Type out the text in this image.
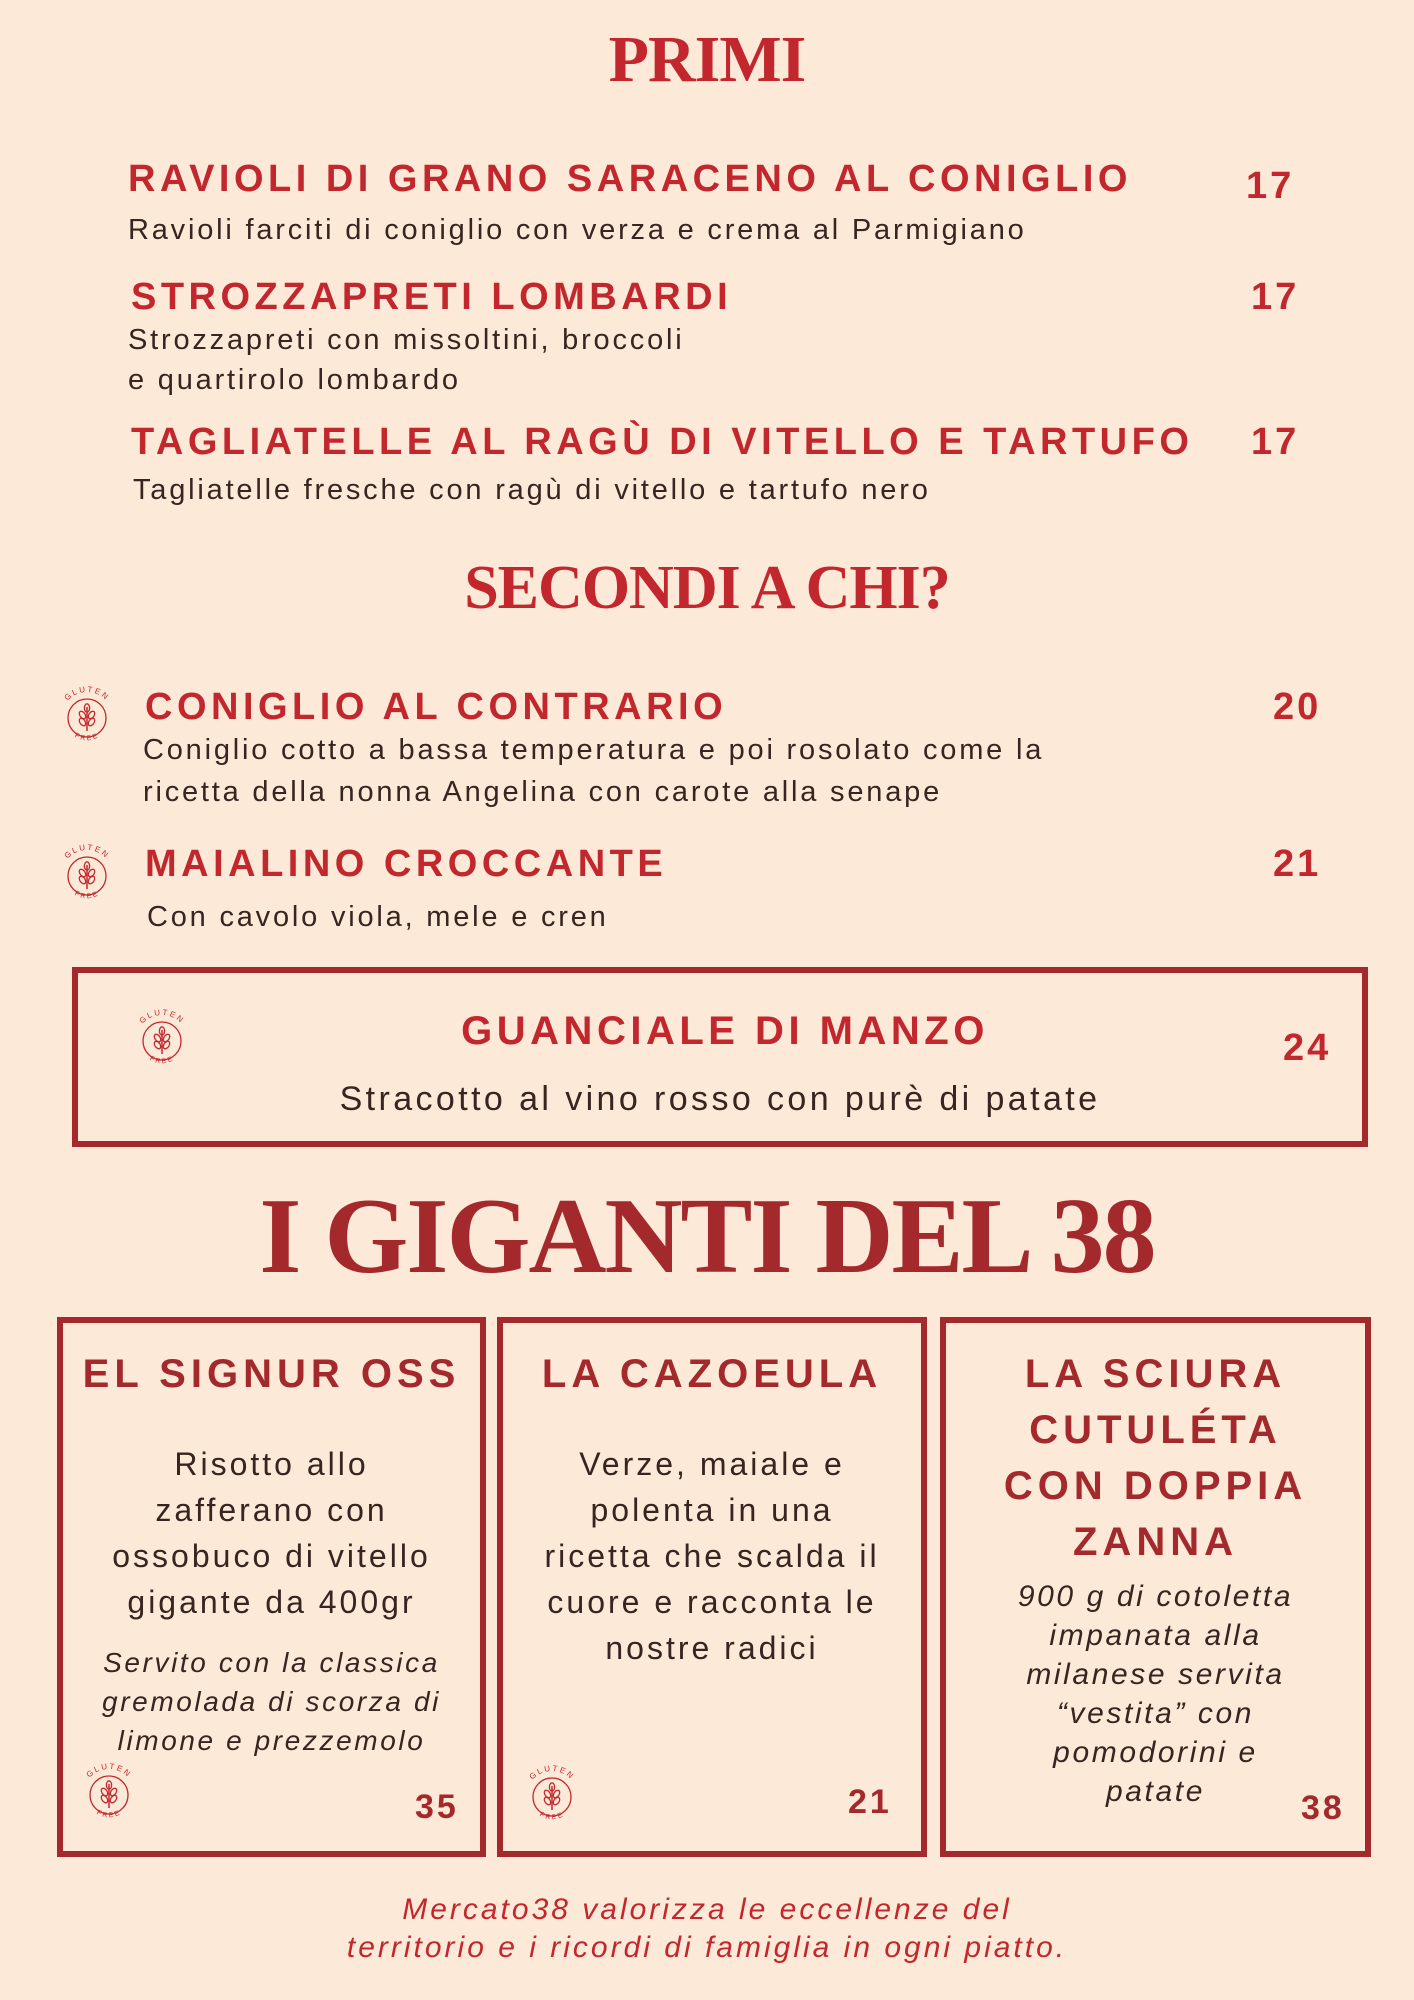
PRIMI
RAVIOLI DI GRANO SARACENO AL CONIGLIO	17
Ravioli farciti di coniglio con verza e crema al Parmigiano
STROZZAPRETI LOMBARDI	17
Strozzapreti con missoltini, broccoli
e quartirolo lombardo
TAGLIATELLE AL RAGÙ DI VITELLO E TARTUFO 17
Tagliatelle fresche con ragù di vitello e tartufo nero
SECONDI A CHI?
GLUTEN
FREE
CONIGLIO AL CONTRARIO	20
Coniglio cotto a bassa temperatura e poi rosolato come la
ricetta della nonna Angelina con carote alla senape
GLUTEN
FREE
MAIALINO CROCCANTE	21
Con cavolo viola, mele e cren
GLUTEN
FREE
GUANCIALE DI MANZO
Stracotto al vino rosso con purè di patate
24
I GIGANTI DEL 38
EL SIGNUR OSS
Risotto allo
zafferano con
ossobuco di vitello
gigante da 400gr
Servito con la classica
gremolada di scorza di
limone e prezzemolo
GLUTEN
FREE	35
LA CAZOEULA
Verze, maiale e
polenta in una
ricetta che scalda il
cuore e racconta le
nostre radici
GLUTEN
FREE	21
LA SCIURA
CUTULÉTA
CON DOPPIA
ZANNA
900 g di cotoletta
impanata alla
milanese servita
“vestita” con
pomodorini e
patate	38
Mercato38 valorizza le eccellenze del
territorio e i ricordi di famiglia in ogni piatto.
